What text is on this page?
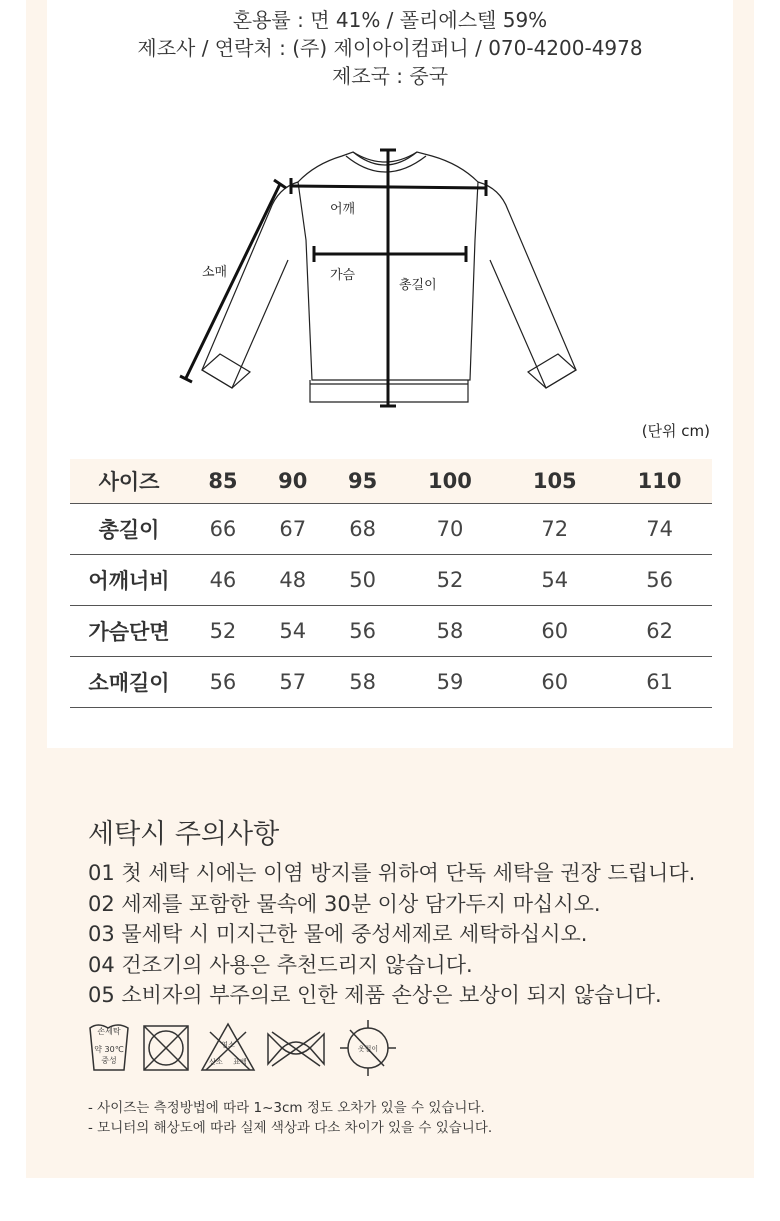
혼용률 : 면 41% / 폴리에스텔 59%
제조사 / 연락처 : (주) 제이아이컴퍼니 / 070-4200-4978
제조국 : 중국
어깨
소매	가슴
총길이
(단위 cm)
사이즈	85	90	95	100	105	110
총길이	66	67	68	70	72	74
어깨너비	46	48	50	52	54	56
가슴단면	52	54	56	58	60	62
소매길이	56	57	58	59	60	61
세탁시 주의사항
01 첫 세탁 시에는 이염 방지를 위하여 단독 세탁을 권장 드립니다.
02 세제를 포함한 물속에 30분 이상 담가두지 마십시오.
03 물세탁 시 미지근한 물에 중성세제로 세탁하십시오.
04 건조기의 사용은 추천드리지 않습니다.
05 소비자의 부주의로 인한 제품 손상은 보상이 되지 않습니다.
손세탁
약 30℃
중성
염소
산소 표백
옷걸이
- 사이즈는 측정방법에 따라 1~3cm 정도 오차가 있을 수 있습니다.
- 모니터의 해상도에 따라 실제 색상과 다소 차이가 있을 수 있습니다.
